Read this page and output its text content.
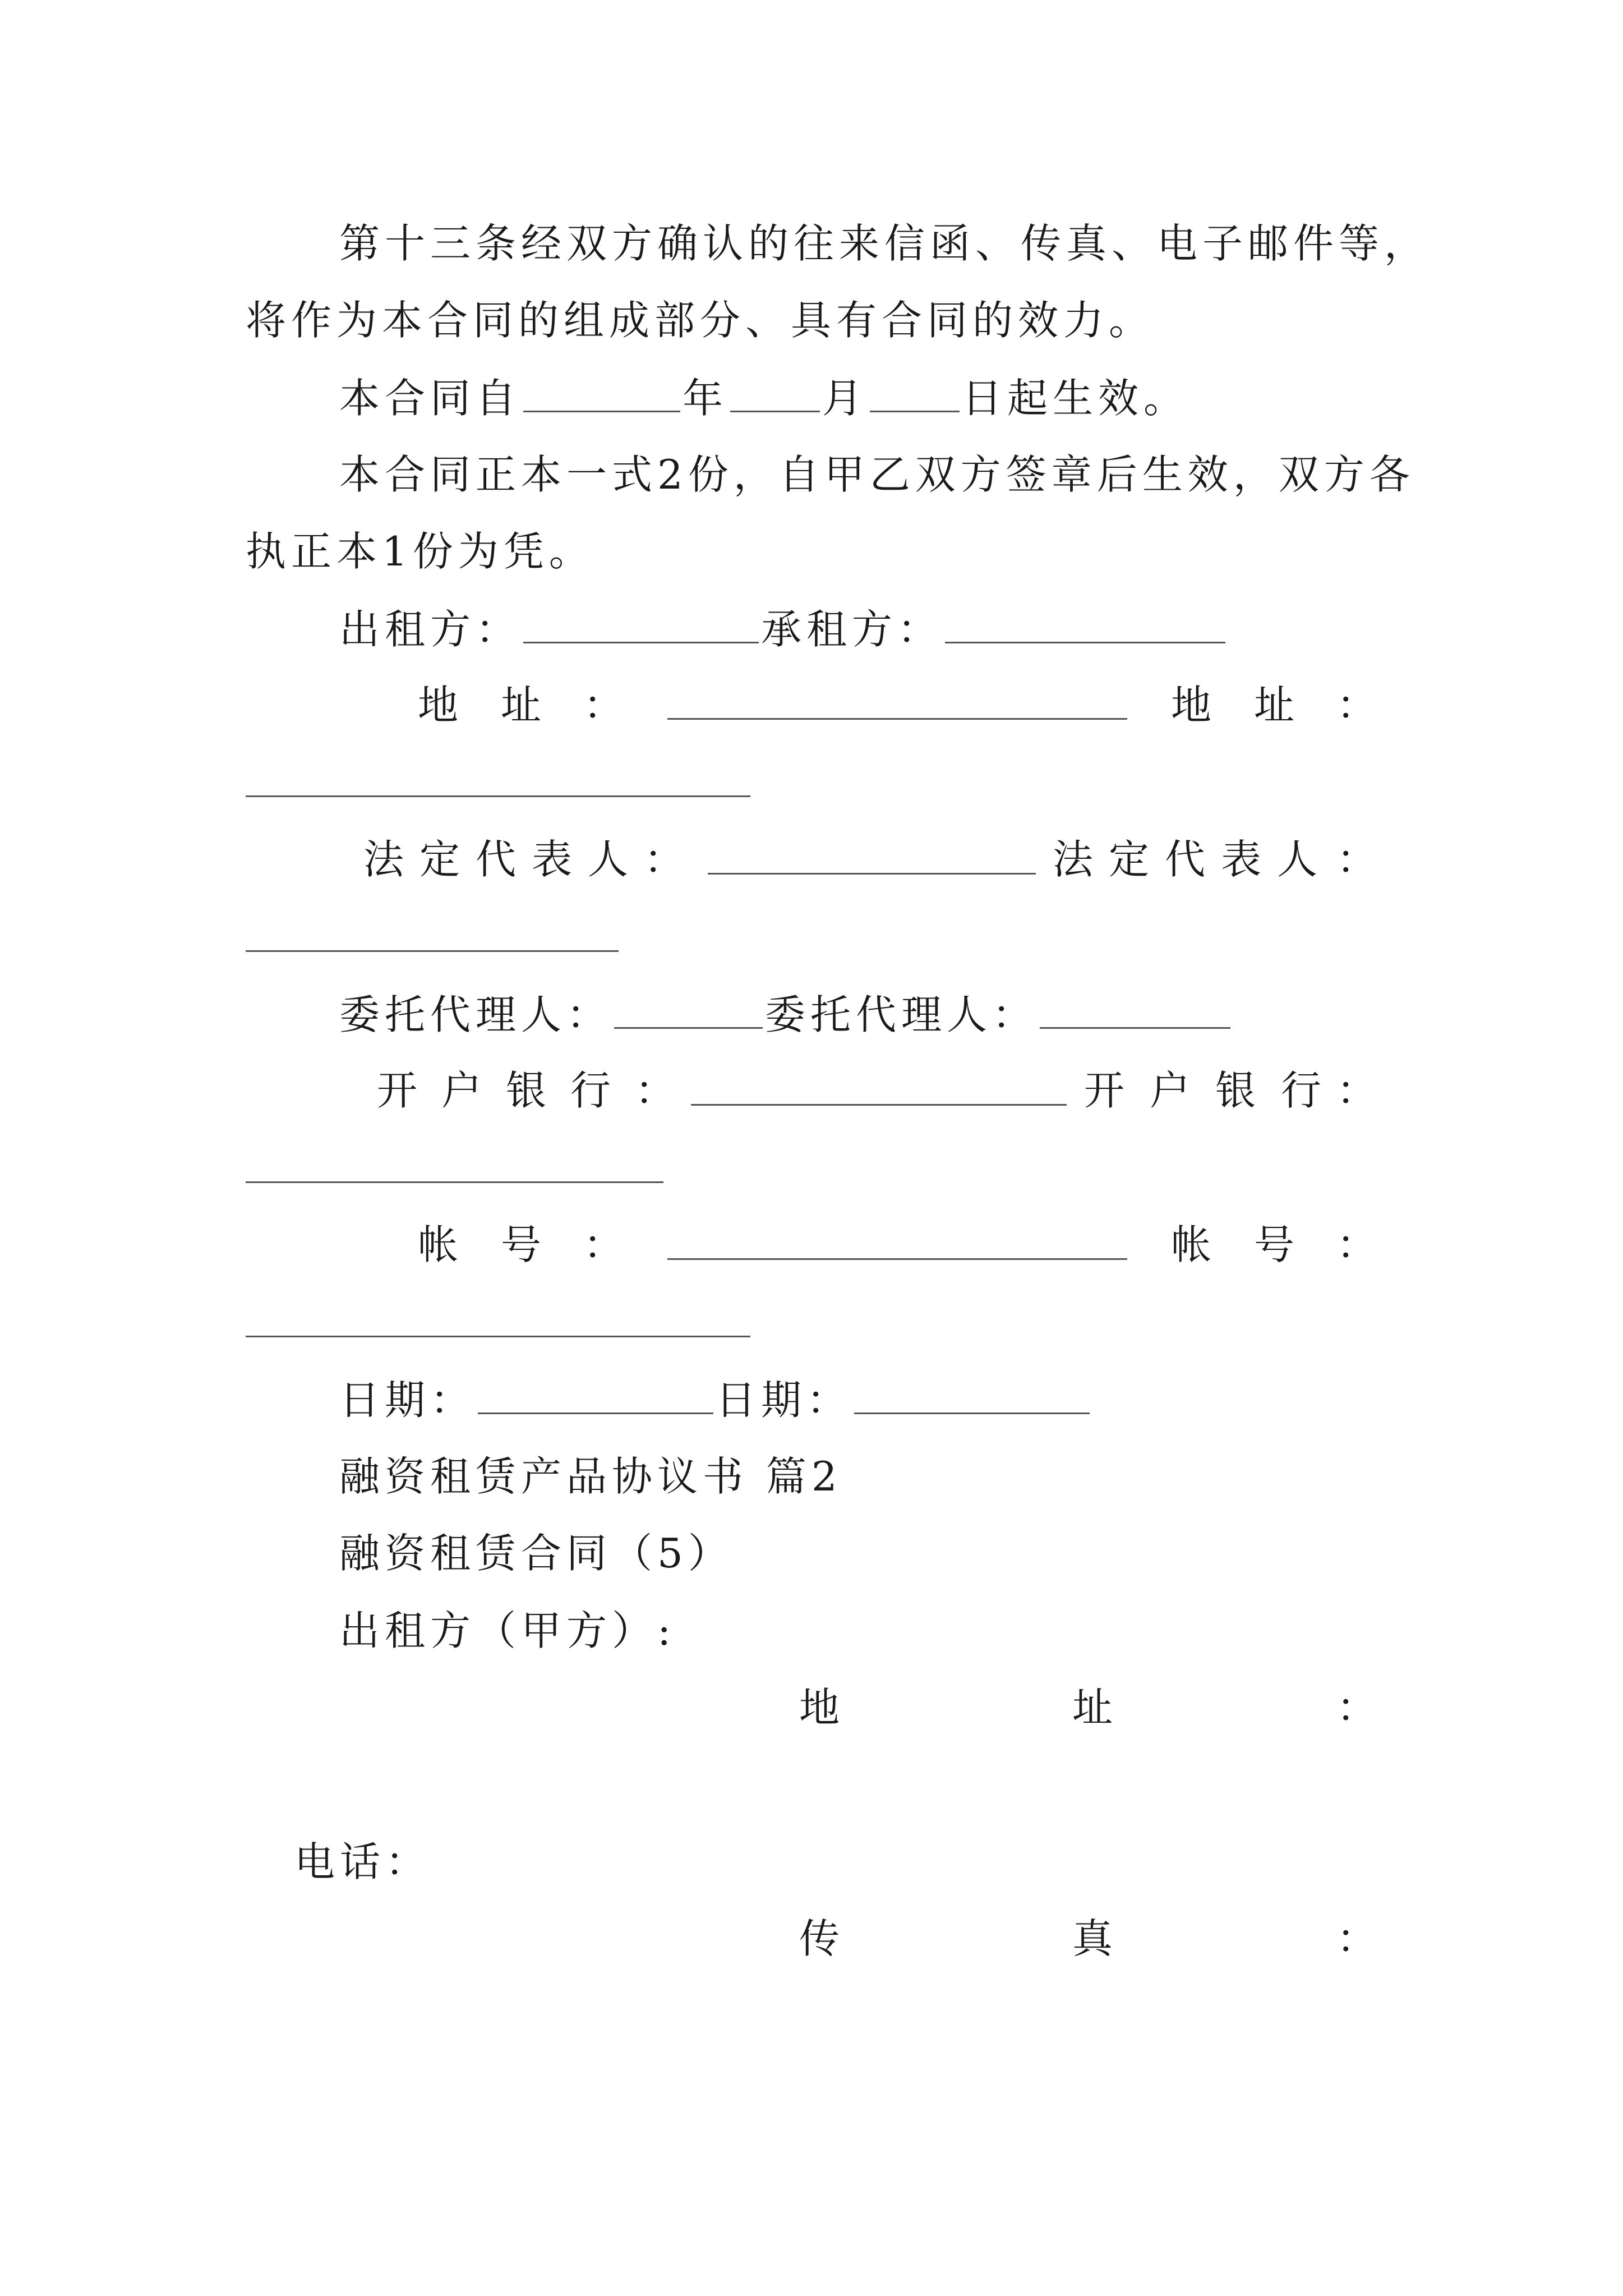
第十三条经双方确认的往来信函、传真、电子邮件等，
将作为本合同的组成部分、具有合同的效力。
本合同自	年 月 日起生效。
本合同正本一式2份，自甲乙双方签章后生效，双方各
执正本1份为凭。
出租方：	承租方：
地 址 ：	地 址 ：
法 定 代 表 人 ：	法 定 代 表 人 ：
委托代理人：	委托代理人：
开 户 银 行 ：	开 户 银 行 ：
帐 号 ：	帐 号 ：
日期：	日期：
融资租赁产品协议书 篇2
融资租赁合同（5）
出租方（甲方）:
地	址	：
电话：
传	真	：
